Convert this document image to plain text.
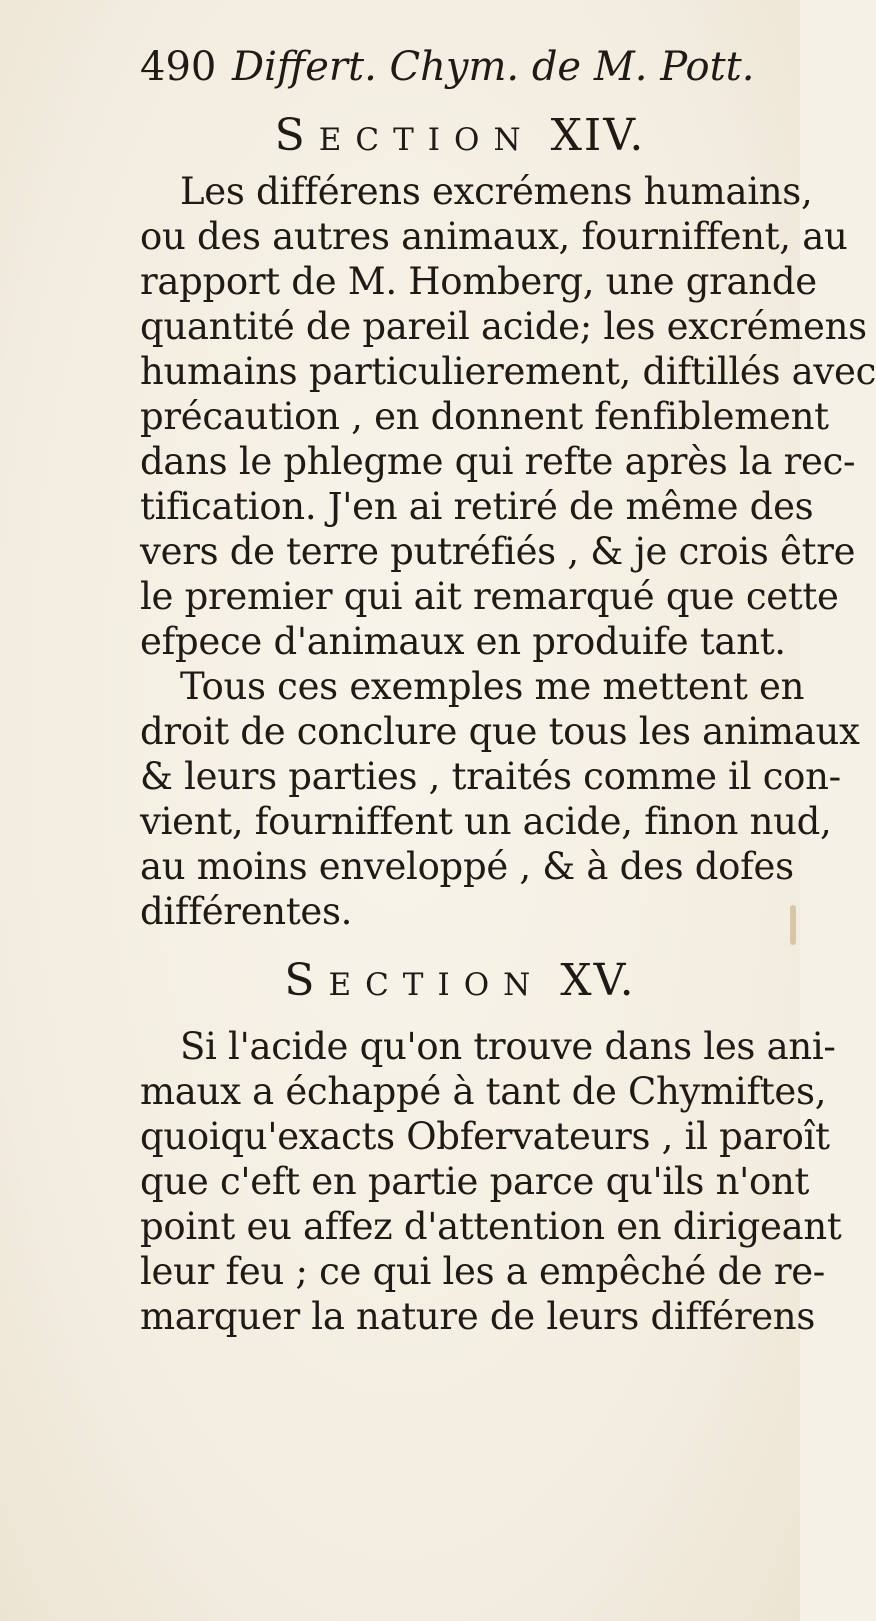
490 Differt. Chym. de M. Pott.
Section XIV.
Les différens excrémens humains,
ou des autres animaux, fourniffent, au
rapport de M. Homberg, une grande
quantité de pareil acide; les excrémens
humains particulierement, diftillés avec
précaution , en donnent fenfiblement
dans le phlegme qui refte après la rec-
tification. J'en ai retiré de même des
vers de terre putréfiés , & je crois être
le premier qui ait remarqué que cette
efpece d'animaux en produife tant.
Tous ces exemples me mettent en
droit de conclure que tous les animaux
& leurs parties , traités comme il con-
vient, fourniffent un acide, finon nud,
au moins enveloppé , & à des dofes
différentes.
Section XV.
Si l'acide qu'on trouve dans les ani-
maux a échappé à tant de Chymiftes,
quoiqu'exacts Obfervateurs , il paroît
que c'eft en partie parce qu'ils n'ont
point eu affez d'attention en dirigeant
leur feu ; ce qui les a empêché de re-
marquer la nature de leurs différens
